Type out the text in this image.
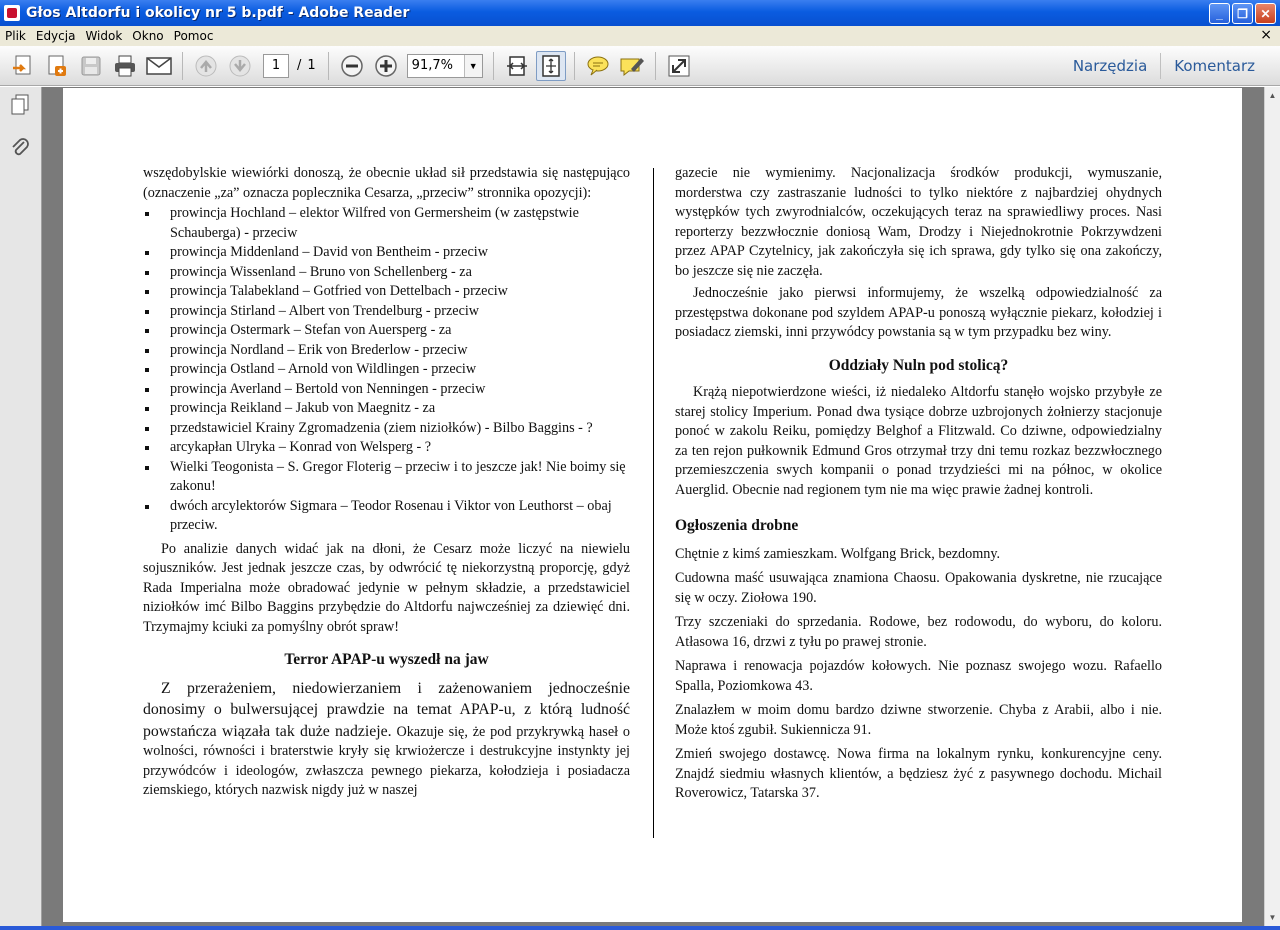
Głos Altdorfu i okolicy nr 5 b.pdf - Adobe Reader	_	❐	✕
Plik Edycja Widok Okno Pomoc	×
1	/ 1	91,7%	▼	Narzędzia	Komentarz
▲
▼

wszędobylskie wiewiórki donoszą, że obecnie układ sił przedstawia się następująco (oznaczenie „za” oznacza poplecznika Cesarza, „przeciw” stronnika opozycji):

prowincja Hochland – elektor Wilfred von Germersheim (w zastępstwie Schauberga) - przeciw
prowincja Middenland – David von Bentheim - przeciw
prowincja Wissenland – Bruno von Schellenberg - za
prowincja Talabekland – Gotfried von Dettelbach - przeciw
prowincja Stirland – Albert von Trendelburg - przeciw
prowincja Ostermark – Stefan von Auersperg - za
prowincja Nordland – Erik von Brederlow - przeciw
prowincja Ostland – Arnold von Wildlingen - przeciw
prowincja Averland – Bertold von Nenningen - przeciw
prowincja Reikland – Jakub von Maegnitz - za
przedstawiciel Krainy Zgromadzenia (ziem niziołków) - Bilbo Baggins - ?
arcykapłan Ulryka – Konrad von Welsperg - ?
Wielki Teogonista – S. Gregor Floterig – przeciw i to jeszcze jak! Nie boimy się zakonu!
dwóch arcylektorów Sigmara – Teodor Rosenau i Viktor von Leuthorst – obaj przeciw.

Po analizie danych widać jak na dłoni, że Cesarz może liczyć na niewielu sojuszników. Jest jednak jeszcze czas, by odwrócić tę niekorzystną proporcję, gdyż Rada Imperialna może obradować jedynie w pełnym składzie, a przedstawiciel niziołków imć Bilbo Baggins przybędzie do Altdorfu najwcześniej za dziewięć dni. Trzymajmy kciuki za pomyślny obrót spraw!

Terror APAP-u wyszedł na jaw

Z przerażeniem, niedowierzaniem i zażenowaniem jednocześnie donosimy o bulwersującej prawdzie na temat APAP-u, z którą ludność powstańcza wiązała tak duże nadzieje. Okazuje się, że pod przykrywką haseł o wolności, równości i braterstwie kryły się krwiożercze i destrukcyjne instynkty jej przywódców i ideologów, zwłaszcza pewnego piekarza, kołodzieja i posiadacza ziemskiego, których nazwisk nigdy już w naszej

gazecie nie wymienimy. Nacjonalizacja środków produkcji, wymuszanie, morderstwa czy zastraszanie ludności to tylko niektóre z najbardziej ohydnych występków tych zwyrodnialców, oczekujących teraz na sprawiedliwy proces. Nasi reporterzy bezzwłocznie doniosą Wam, Drodzy i Niejednokrotnie Pokrzywdzeni przez APAP Czytelnicy, jak zakończyła się ich sprawa, gdy tylko się ona zakończy, bo jeszcze się nie zaczęła.

Jednocześnie jako pierwsi informujemy, że wszelką odpowiedzialność za przestępstwa dokonane pod szyldem APAP-u ponoszą wyłącznie piekarz, kołodziej i posiadacz ziemski, inni przywódcy powstania są w tym przypadku bez winy.

Oddziały Nuln pod stolicą?

Krążą niepotwierdzone wieści, iż niedaleko Altdorfu stanęło wojsko przybyłe ze starej stolicy Imperium. Ponad dwa tysiące dobrze uzbrojonych żołnierzy stacjonuje ponoć w zakolu Reiku, pomiędzy Belghof a Flitzwald. Co dziwne, odpowiedzialny za ten rejon pułkownik Edmund Gros otrzymał trzy dni temu rozkaz bezzwłocznego przemieszczenia swych kompanii o ponad trzydzieści mi na północ, w okolice Auerglid. Obecnie nad regionem tym nie ma więc prawie żadnej kontroli.

Ogłoszenia drobne

Chętnie z kimś zamieszkam. Wolfgang Brick, bezdomny.

Cudowna maść usuwająca znamiona Chaosu. Opakowania dyskretne, nie rzucające się w oczy. Ziołowa 190.

Trzy szczeniaki do sprzedania. Rodowe, bez rodowodu, do wyboru, do koloru. Atłasowa 16, drzwi z tyłu po prawej stronie.

Naprawa i renowacja pojazdów kołowych. Nie poznasz swojego wozu. Rafaello Spalla, Poziomkowa 43.

Znalazłem w moim domu bardzo dziwne stworzenie. Chyba z Arabii, albo i nie. Może ktoś zgubił. Sukiennicza 91.

Zmień swojego dostawcę. Nowa firma na lokalnym rynku, konkurencyjne ceny. Znajdź siedmiu własnych klientów, a będziesz żyć z pasywnego dochodu. Michail Roverowicz, Tatarska 37.
